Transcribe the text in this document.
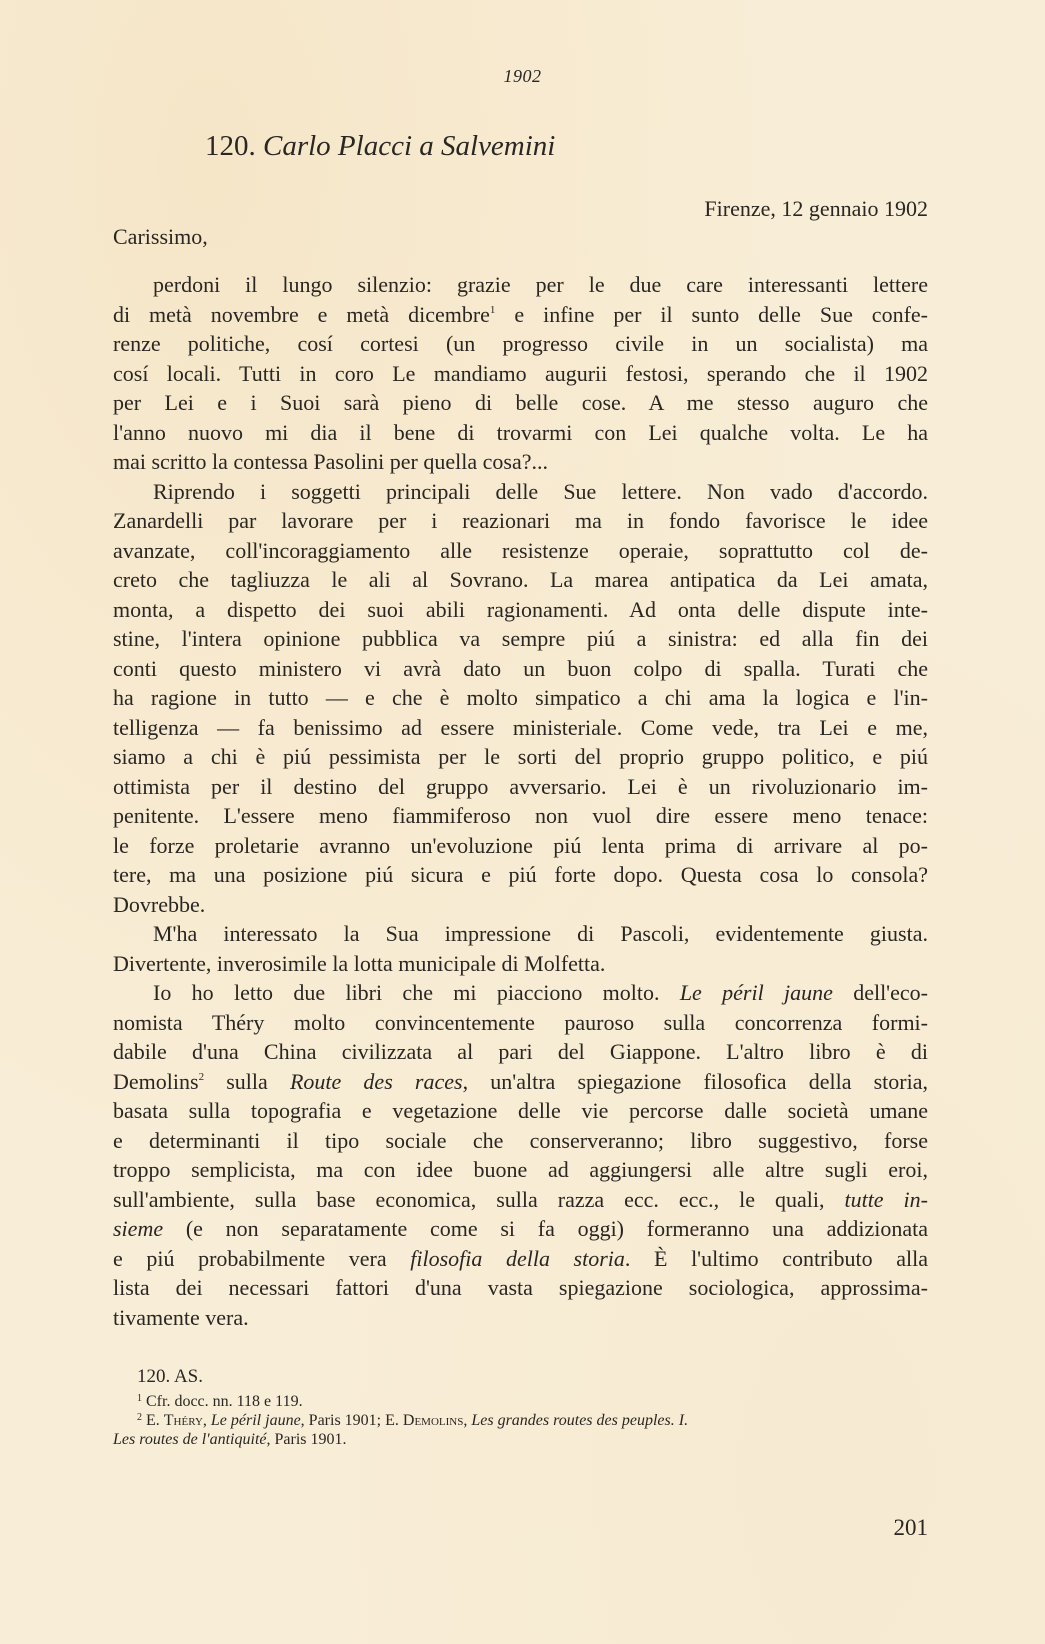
1902
120. Carlo Placci a Salvemini
Firenze, 12 gennaio 1902
Carissimo,
perdoni il lungo silenzio: grazie per le due care interessanti lettere
di metà novembre e metà dicembre$^1$ e infine per il sunto delle Sue confe-
renze politiche, cosí cortesi (un progresso civile in un socialista) ma
cosí locali. Tutti in coro Le mandiamo augurii festosi, sperando che il 1902
per Lei e i Suoi sarà pieno di belle cose. A me stesso auguro che
l'anno nuovo mi dia il bene di trovarmi con Lei qualche volta. Le ha
mai scritto la contessa Pasolini per quella cosa?...
Riprendo i soggetti principali delle Sue lettere. Non vado d'accordo.
Zanardelli par lavorare per i reazionari ma in fondo favorisce le idee
avanzate, coll'incoraggiamento alle resistenze operaie, soprattutto col de-
creto che tagliuzza le ali al Sovrano. La marea antipatica da Lei amata,
monta, a dispetto dei suoi abili ragionamenti. Ad onta delle dispute inte-
stine, l'intera opinione pubblica va sempre piú a sinistra: ed alla fin dei
conti questo ministero vi avrà dato un buon colpo di spalla. Turati che
ha ragione in tutto — e che è molto simpatico a chi ama la logica e l'in-
telligenza — fa benissimo ad essere ministeriale. Come vede, tra Lei e me,
siamo a chi è piú pessimista per le sorti del proprio gruppo politico, e piú
ottimista per il destino del gruppo avversario. Lei è un rivoluzionario im-
penitente. L'essere meno fiammiferoso non vuol dire essere meno tenace:
le forze proletarie avranno un'evoluzione piú lenta prima di arrivare al po-
tere, ma una posizione piú sicura e piú forte dopo. Questa cosa lo consola?
Dovrebbe.
M'ha interessato la Sua impressione di Pascoli, evidentemente giusta.
Divertente, inverosimile la lotta municipale di Molfetta.
Io ho letto due libri che mi piacciono molto. Le péril jaune dell'eco-
nomista Théry molto convincentemente pauroso sulla concorrenza formi-
dabile d'una China civilizzata al pari del Giappone. L'altro libro è di
Demolins$^2$ sulla Route des races, un'altra spiegazione filosofica della storia,
basata sulla topografia e vegetazione delle vie percorse dalle società umane
e determinanti il tipo sociale che conserveranno; libro suggestivo, forse
troppo semplicista, ma con idee buone ad aggiungersi alle altre sugli eroi,
sull'ambiente, sulla base economica, sulla razza ecc. ecc., le quali, tutte in-
sieme (e non separatamente come si fa oggi) formeranno una addizionata
e piú probabilmente vera filosofia della storia. È l'ultimo contributo alla
lista dei necessari fattori d'una vasta spiegazione sociologica, approssima-
tivamente vera.
120. AS.
$^1$ Cfr. docc. nn. 118 e 119.
$^2$ E. Théry, Le péril jaune, Paris 1901; E. Demolins, Les grandes routes des peuples. I.
Les routes de l'antiquité, Paris 1901.
201
